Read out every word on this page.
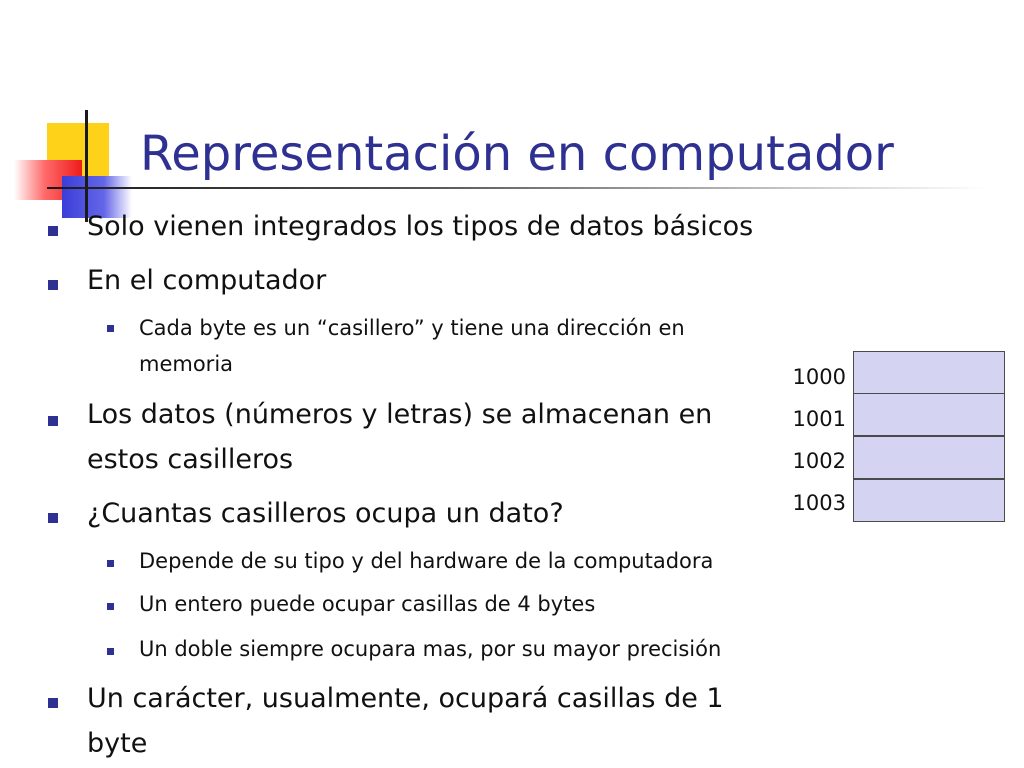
Representación en computador

Solo vienen integrados los tipos de datos básicos

En el computador

Cada byte es un “casillero” y tiene una dirección en

memoria

Los datos (números y letras) se almacenan en

estos casilleros

¿Cuantas casilleros ocupa un dato?

Depende de su tipo y del hardware de la computadora

Un entero puede ocupar casillas de 4 bytes

Un doble siempre ocupara mas, por su mayor precisión

Un carácter, usualmente, ocupará casillas de 1

byte

1000
1001
1002
1003
